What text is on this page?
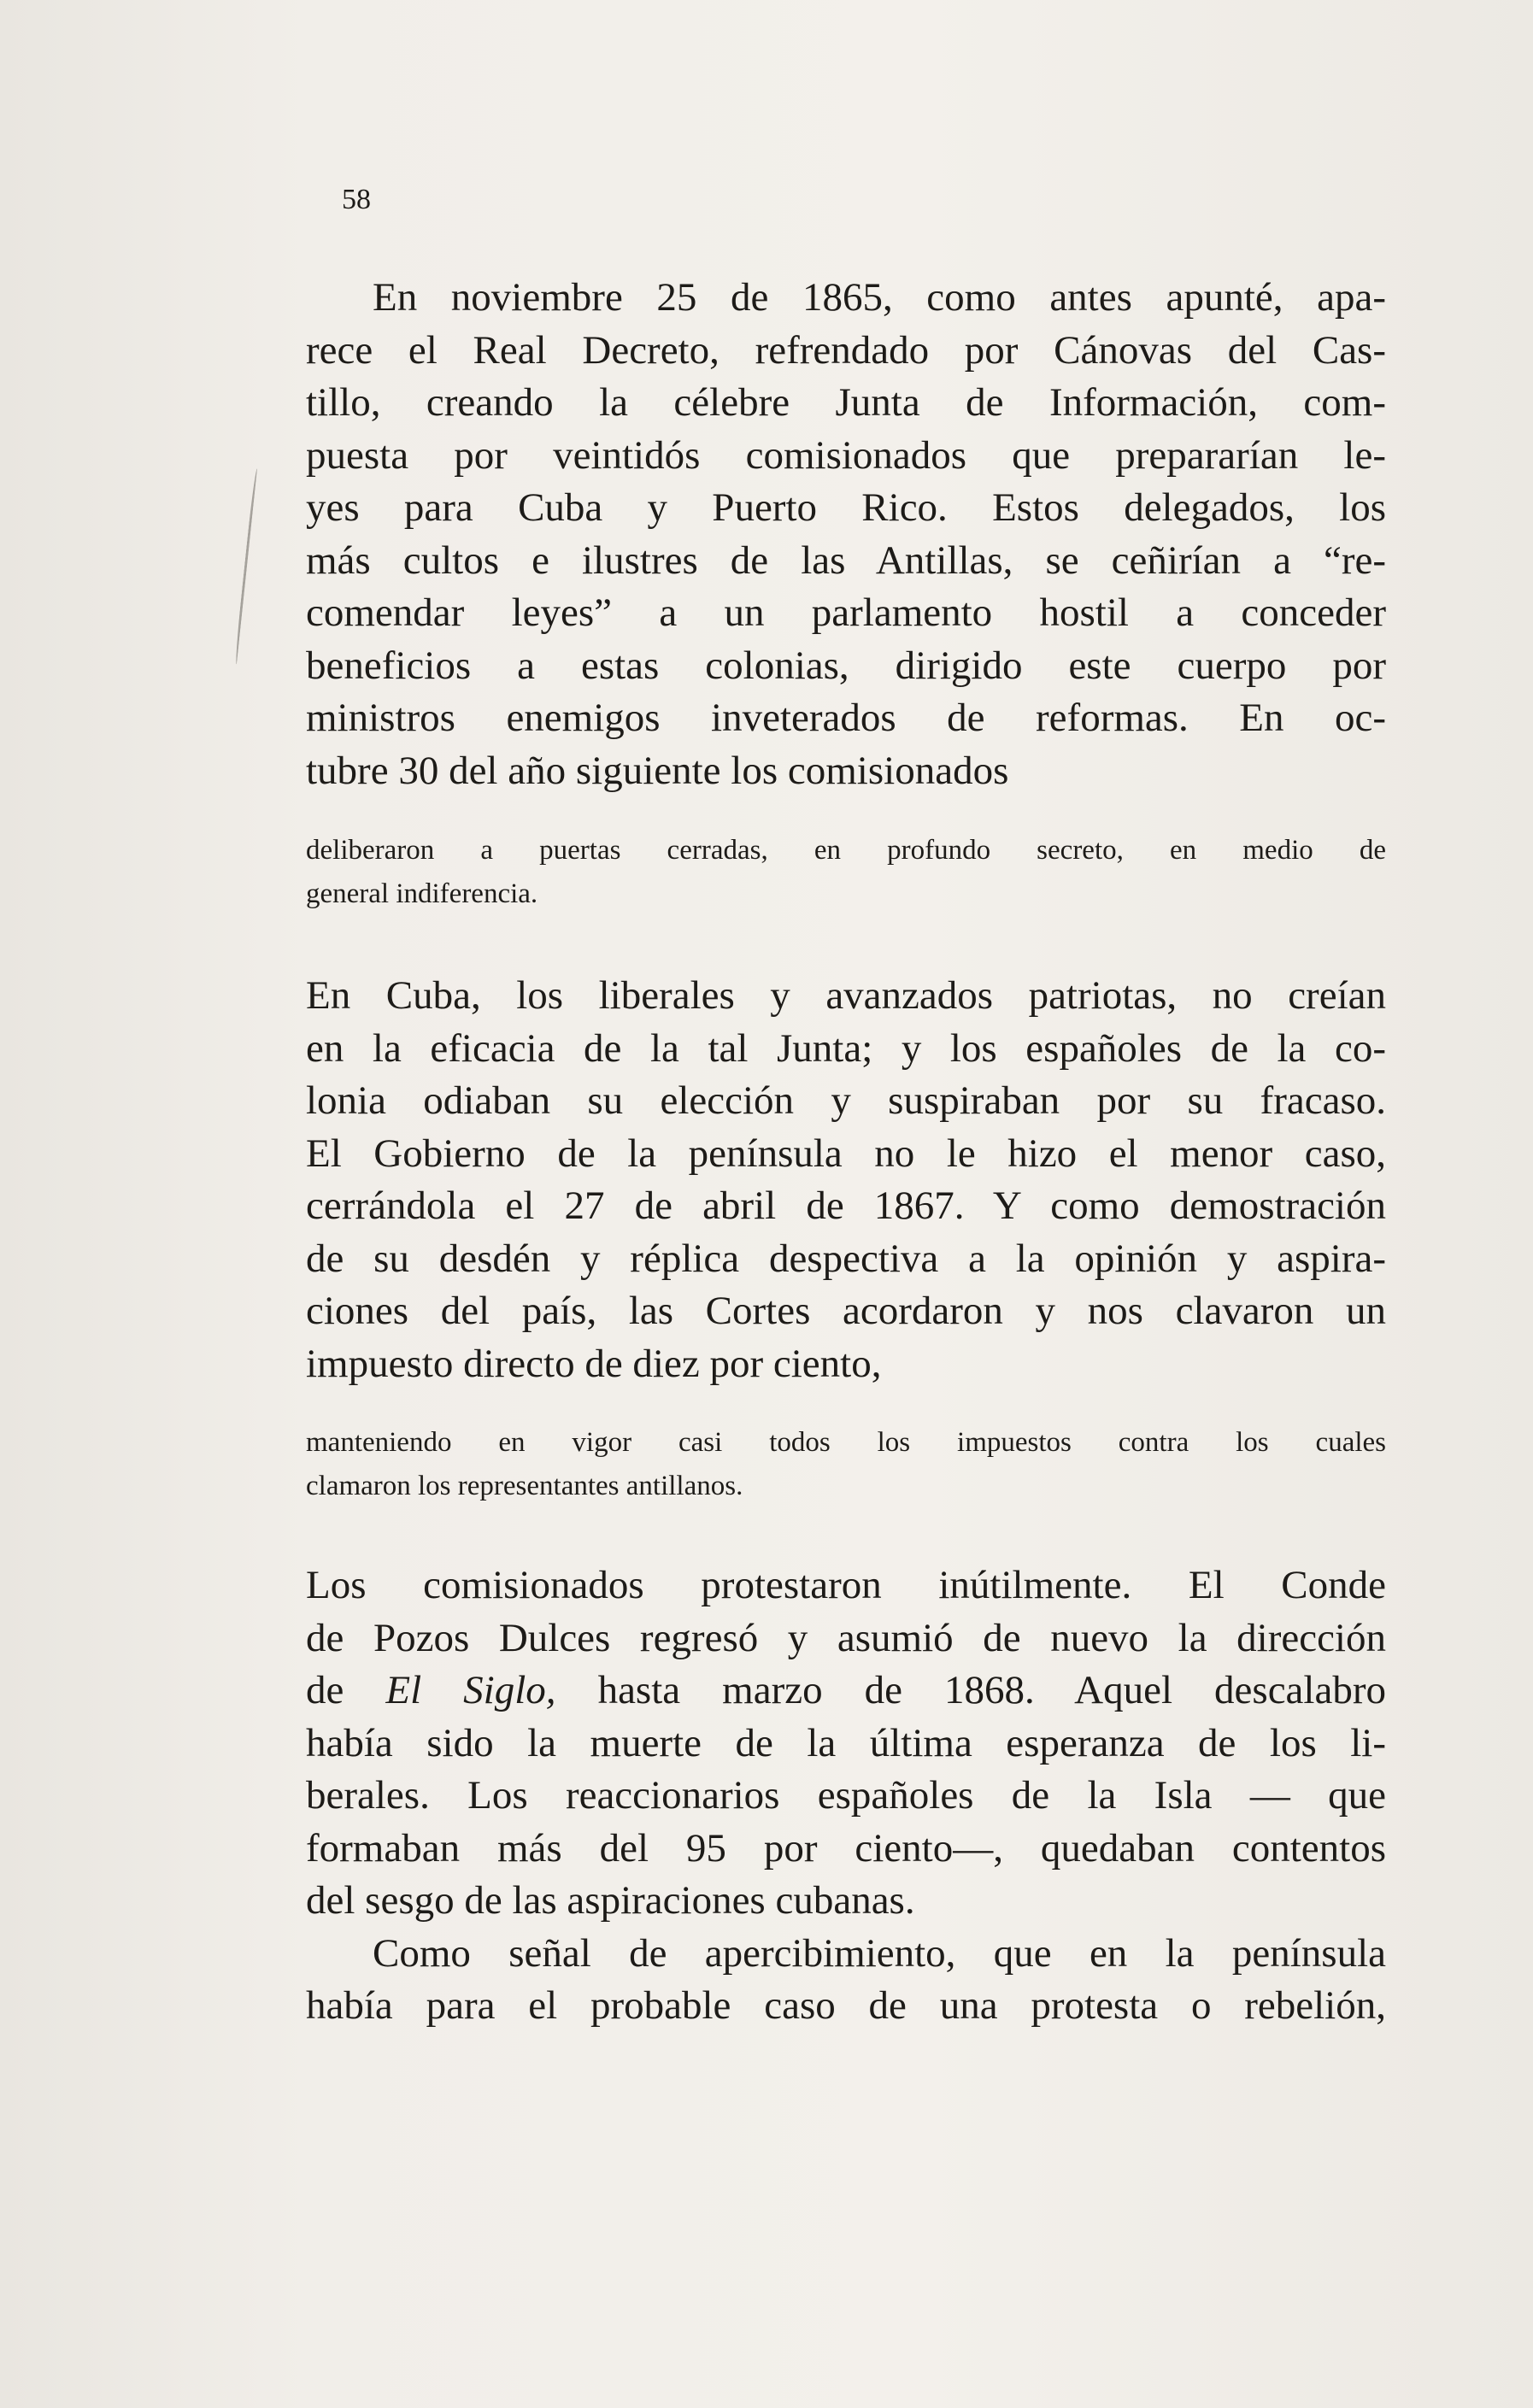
58
En noviembre 25 de 1865, como antes apunté, apa-
rece el Real Decreto, refrendado por Cánovas del Cas-
tillo, creando la célebre Junta de Información, com-
puesta por veintidós comisionados que prepararían le-
yes para Cuba y Puerto Rico. Estos delegados, los
más cultos e ilustres de las Antillas, se ceñirían a “re-
comendar leyes” a un parlamento hostil a conceder
beneficios a estas colonias, dirigido este cuerpo por
ministros enemigos inveterados de reformas. En oc-
tubre 30 del año siguiente los comisionados
deliberaron a puertas cerradas, en profundo secreto, en medio de
general indiferencia.
En Cuba, los liberales y avanzados patriotas, no creían
en la eficacia de la tal Junta; y los españoles de la co-
lonia odiaban su elección y suspiraban por su fracaso.
El Gobierno de la península no le hizo el menor caso,
cerrándola el 27 de abril de 1867. Y como demostración
de su desdén y réplica despectiva a la opinión y aspira-
ciones del país, las Cortes acordaron y nos clavaron un
impuesto directo de diez por ciento,
manteniendo en vigor casi todos los impuestos contra los cuales
clamaron los representantes antillanos.
Los comisionados protestaron inútilmente. El Conde
de Pozos Dulces regresó y asumió de nuevo la dirección
de El Siglo, hasta marzo de 1868. Aquel descalabro
había sido la muerte de la última esperanza de los li-
berales. Los reaccionarios españoles de la Isla — que
formaban más del 95 por ciento—, quedaban contentos
del sesgo de las aspiraciones cubanas.
Como señal de apercibimiento, que en la península
había para el probable caso de una protesta o rebelión,
